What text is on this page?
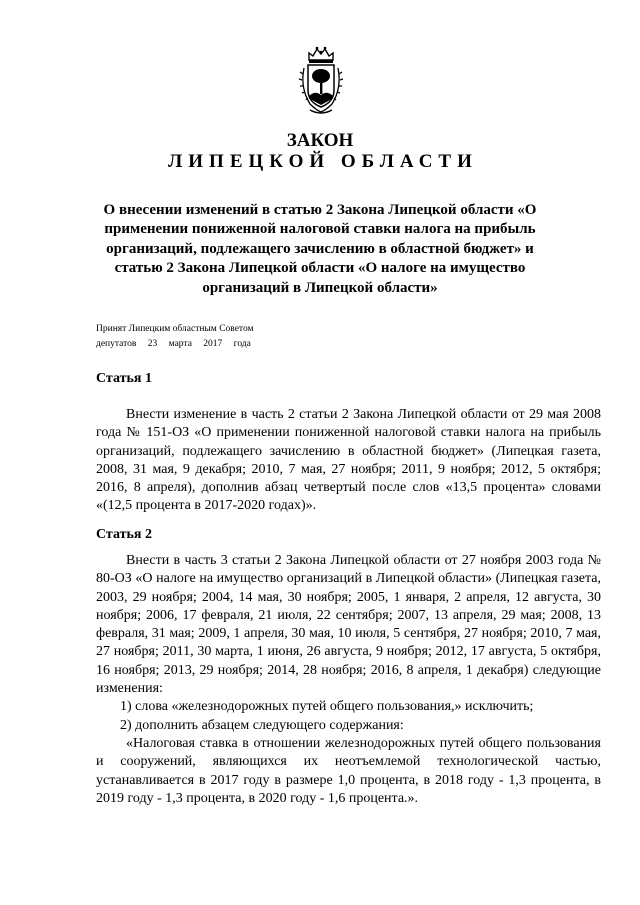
ЗАКОН
ЛИПЕЦКОЙ ОБЛАСТИ

О внесении изменений в статью 2 Закона Липецкой области «О применении пониженной налоговой ставки налога на прибыль организаций, подлежащего зачислению в областной бюджет» и статью 2 Закона Липецкой области «О налоге на имущество организаций в Липецкой области»

Принят Липецким областным Советом
депутатов 23 марта 2017 года
Статья 1

Внести изменение в часть 2 статьи 2 Закона Липецкой области от 29 мая 2008 года № 151-ОЗ «О применении пониженной налоговой ставки налога на прибыль организаций, подлежащего зачислению в областной бюджет» (Липецкая газета, 2008, 31 мая, 9 декабря; 2010, 7 мая, 27 ноября; 2011, 9 ноября; 2012, 5 октября; 2016, 8 апреля), дополнив абзац четвертый после слов «13,5 процента» словами «(12,5 процента в 2017-2020 годах)».

Статья 2

Внести в часть 3 статьи 2 Закона Липецкой области от 27 ноября 2003 года № 80-ОЗ «О налоге на имущество организаций в Липецкой области» (Липецкая газета, 2003, 29 ноября; 2004, 14 мая, 30 ноября; 2005, 1 января, 2 апреля, 12 августа, 30 ноября; 2006, 17 февраля, 21 июля, 22 сентября; 2007, 13 апреля, 29 мая; 2008, 13 февраля, 31 мая; 2009, 1 апреля, 30 мая, 10 июля, 5 сентября, 27 ноября; 2010, 7 мая, 27 ноября; 2011, 30 марта, 1 июня, 26 августа, 9 ноября; 2012, 17 августа, 5 октября, 16 ноября; 2013, 29 ноября; 2014, 28 ноября; 2016, 8 апреля, 1 декабря) следующие изменения:

1) слова «железнодорожных путей общего пользования,» исключить;

2) дополнить абзацем следующего содержания:

«Налоговая ставка в отношении железнодорожных путей общего пользования и сооружений, являющихся их неотъемлемой технологической частью, устанавливается в 2017 году в размере 1,0 процента, в 2018 году - 1,3 процента, в 2019 году - 1,3 процента, в 2020 году - 1,6 процента.».
